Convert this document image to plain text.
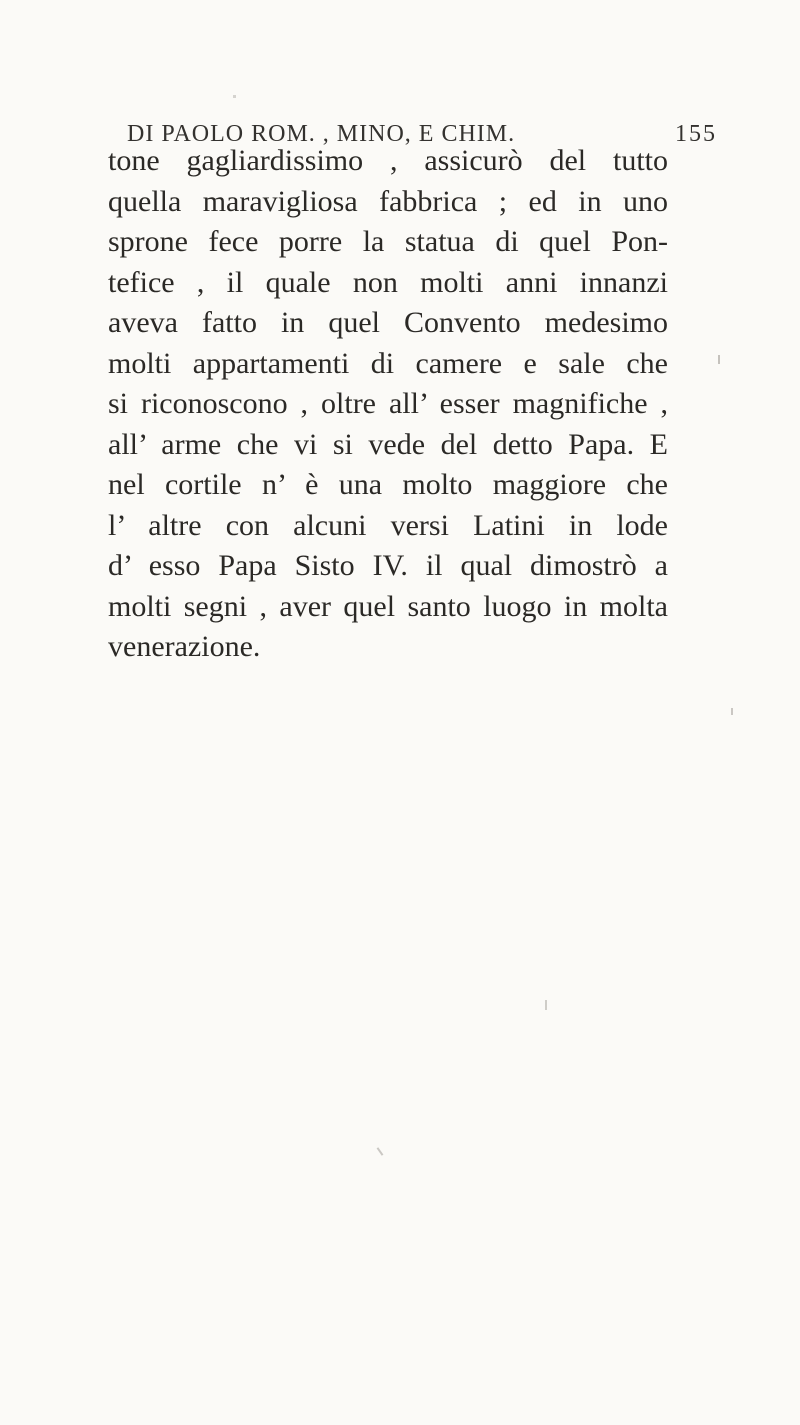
DI PAOLO ROM. , MINO, E CHIM.	155
tone gagliardissimo , assicurò del tutto
quella maravigliosa fabbrica ; ed in uno
sprone fece porre la statua di quel Pon-
tefice , il quale non molti anni innanzi
aveva fatto in quel Convento medesimo
molti appartamenti di camere e sale che
si riconoscono , oltre all’ esser magnifiche ,
all’ arme che vi si vede del detto Papa. E
nel cortile n’ è una molto maggiore che
l’ altre con alcuni versi Latini in lode
d’ esso Papa Sisto IV. il qual dimostrò a
molti segni , aver quel santo luogo in molta
venerazione.
